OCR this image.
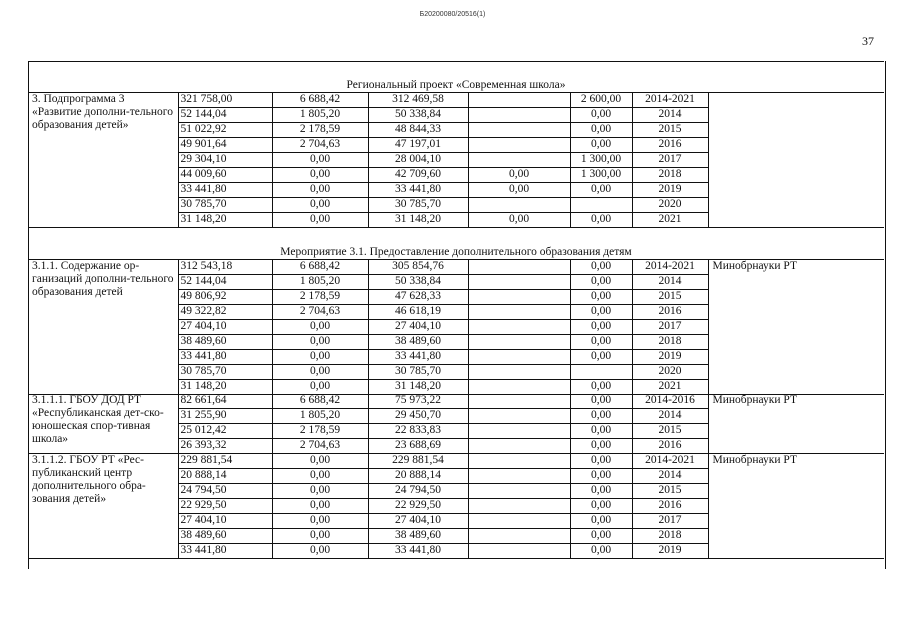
Б20200080/20516(1)
37
Региональный проект «Современная школа»
3. Подпрограмма 3 «Развитие дополни-тельного образования детей»	321 758,00	6 688,42	312 469,58		2 600,00	2014-2021	
	52 144,04	1 805,20	50 338,84		0,00	2014	
	51 022,92	2 178,59	48 844,33		0,00	2015	
	49 901,64	2 704,63	47 197,01		0,00	2016	
	29 304,10	0,00	28 004,10		1 300,00	2017	
	44 009,60	0,00	42 709,60	0,00	1 300,00	2018	
	33 441,80	0,00	33 441,80	0,00	0,00	2019	
	30 785,70	0,00	30 785,70			2020	
	31 148,20	0,00	31 148,20	0,00	0,00	2021	
Мероприятие 3.1. Предоставление дополнительного образования детям
3.1.1. Содержание ор-ганизаций дополни-тельного образования детей	312 543,18	6 688,42	305 854,76		0,00	2014-2021	Минобрнауки РТ
	52 144,04	1 805,20	50 338,84		0,00	2014	
	49 806,92	2 178,59	47 628,33		0,00	2015	
	49 322,82	2 704,63	46 618,19		0,00	2016	
	27 404,10	0,00	27 404,10		0,00	2017	
	38 489,60	0,00	38 489,60		0,00	2018	
	33 441,80	0,00	33 441,80		0,00	2019	
	30 785,70	0,00	30 785,70			2020	
	31 148,20	0,00	31 148,20		0,00	2021	
3.1.1.1. ГБОУ ДОД РТ «Республиканская дет-ско-юношеская спор-тивная школа»	82 661,64	6 688,42	75 973,22		0,00	2014-2016	Минобрнауки РТ
	31 255,90	1 805,20	29 450,70		0,00	2014	
	25 012,42	2 178,59	22 833,83		0,00	2015	
	26 393,32	2 704,63	23 688,69		0,00	2016	
3.1.1.2. ГБОУ РТ «Рес-публиканский центр дополнительного обра-зования детей»	229 881,54	0,00	229 881,54		0,00	2014-2021	Минобрнауки РТ
	20 888,14	0,00	20 888,14		0,00	2014	
	24 794,50	0,00	24 794,50		0,00	2015	
	22 929,50	0,00	22 929,50		0,00	2016	
	27 404,10	0,00	27 404,10		0,00	2017	
	38 489,60	0,00	38 489,60		0,00	2018	
	33 441,80	0,00	33 441,80		0,00	2019	
